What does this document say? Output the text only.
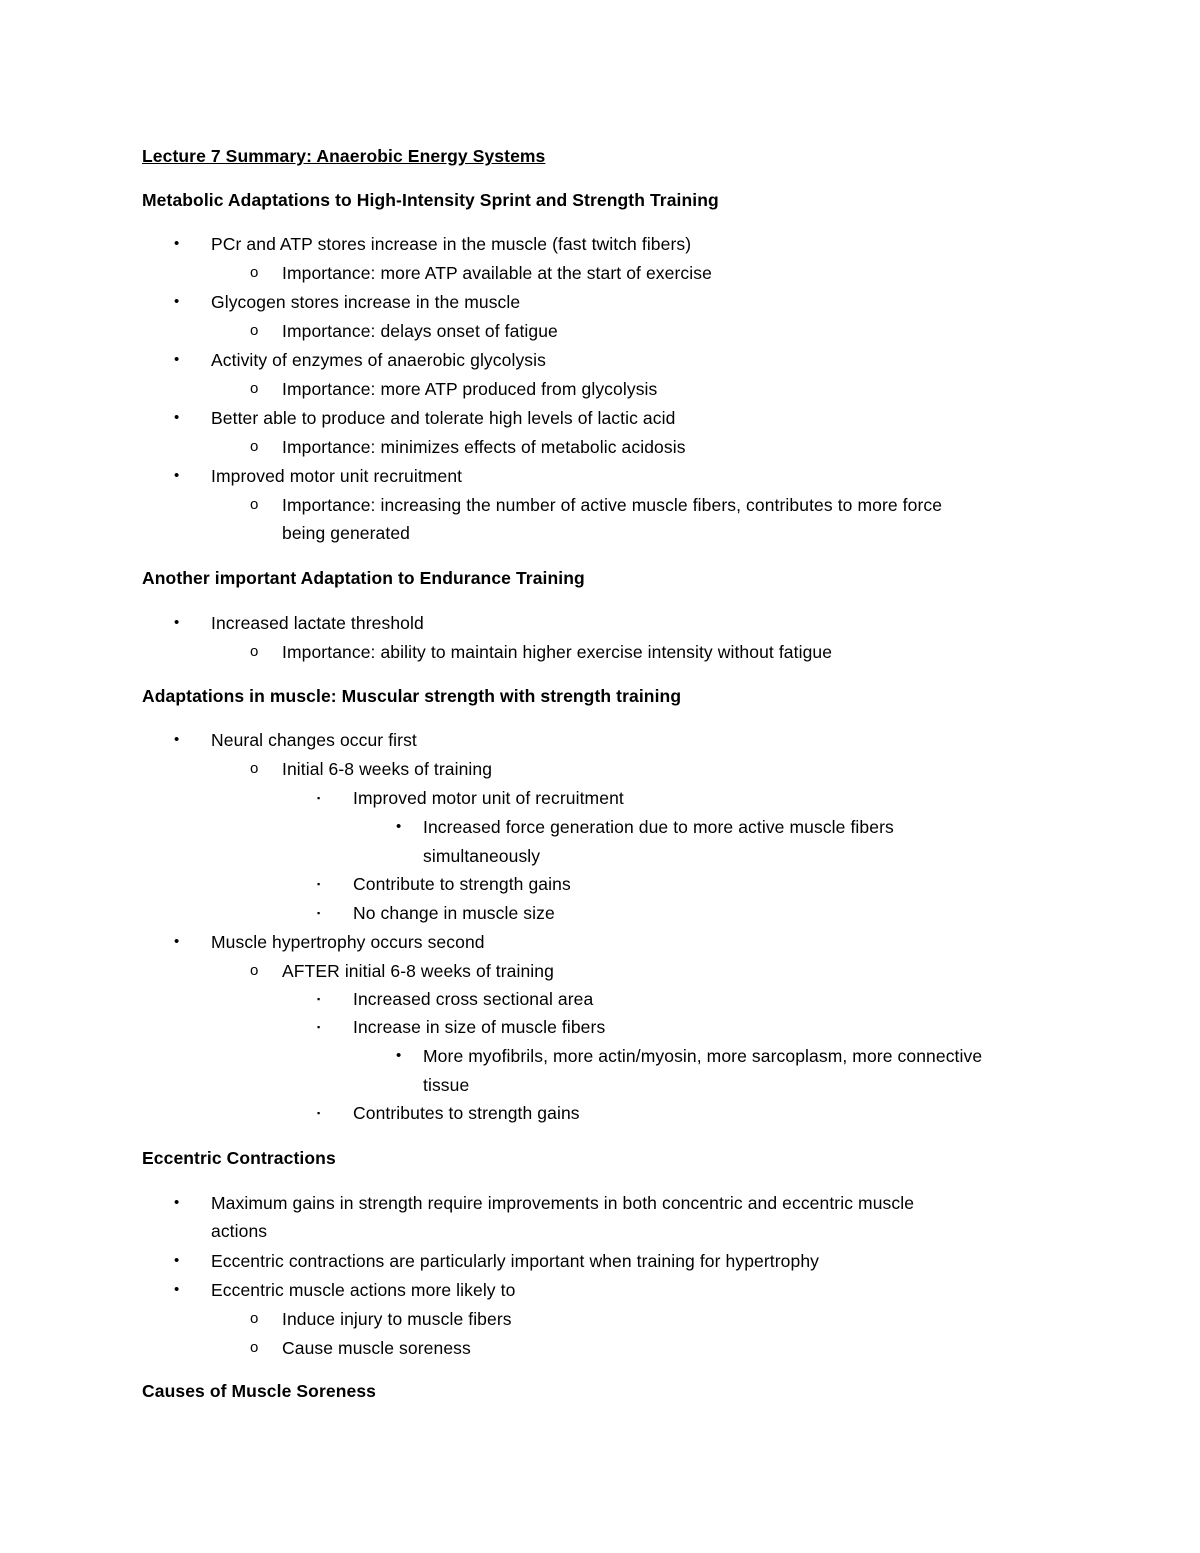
Lecture 7 Summary: Anaerobic Energy Systems
Metabolic Adaptations to High-Intensity Sprint and Strength Training
• PCr and ATP stores increase in the muscle (fast twitch fibers)
o Importance: more ATP available at the start of exercise
• Glycogen stores increase in the muscle
o Importance: delays onset of fatigue
• Activity of enzymes of anaerobic glycolysis
o Importance: more ATP produced from glycolysis
• Better able to produce and tolerate high levels of lactic acid
o Importance: minimizes effects of metabolic acidosis
• Improved motor unit recruitment
o Importance: increasing the number of active muscle fibers, contributes to more force
being generated
Another important Adaptation to Endurance Training
• Increased lactate threshold
o Importance: ability to maintain higher exercise intensity without fatigue
Adaptations in muscle: Muscular strength with strength training
• Neural changes occur first
o Initial 6-8 weeks of training
▪ Improved motor unit of recruitment
• Increased force generation due to more active muscle fibers
simultaneously
▪ Contribute to strength gains
▪ No change in muscle size
• Muscle hypertrophy occurs second
o AFTER initial 6-8 weeks of training
▪ Increased cross sectional area
▪ Increase in size of muscle fibers
• More myofibrils, more actin/myosin, more sarcoplasm, more connective
tissue
▪ Contributes to strength gains
Eccentric Contractions
• Maximum gains in strength require improvements in both concentric and eccentric muscle
actions
• Eccentric contractions are particularly important when training for hypertrophy
• Eccentric muscle actions more likely to
o Induce injury to muscle fibers
o Cause muscle soreness
Causes of Muscle Soreness
